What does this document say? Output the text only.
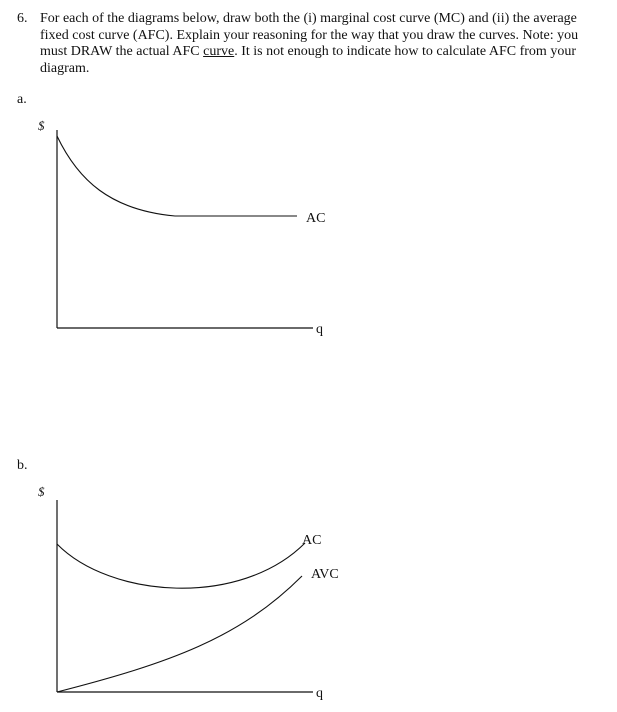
6. For each of the diagrams below, draw both the (i) marginal cost curve (MC) and (ii) the average fixed cost curve (AFC). Explain your reasoning for the way that you draw the curves. Note: you must DRAW the actual AFC curve. It is not enough to indicate how to calculate AFC from your diagram.
a.
$
AC
q
b.
$
AC
AVC
q
